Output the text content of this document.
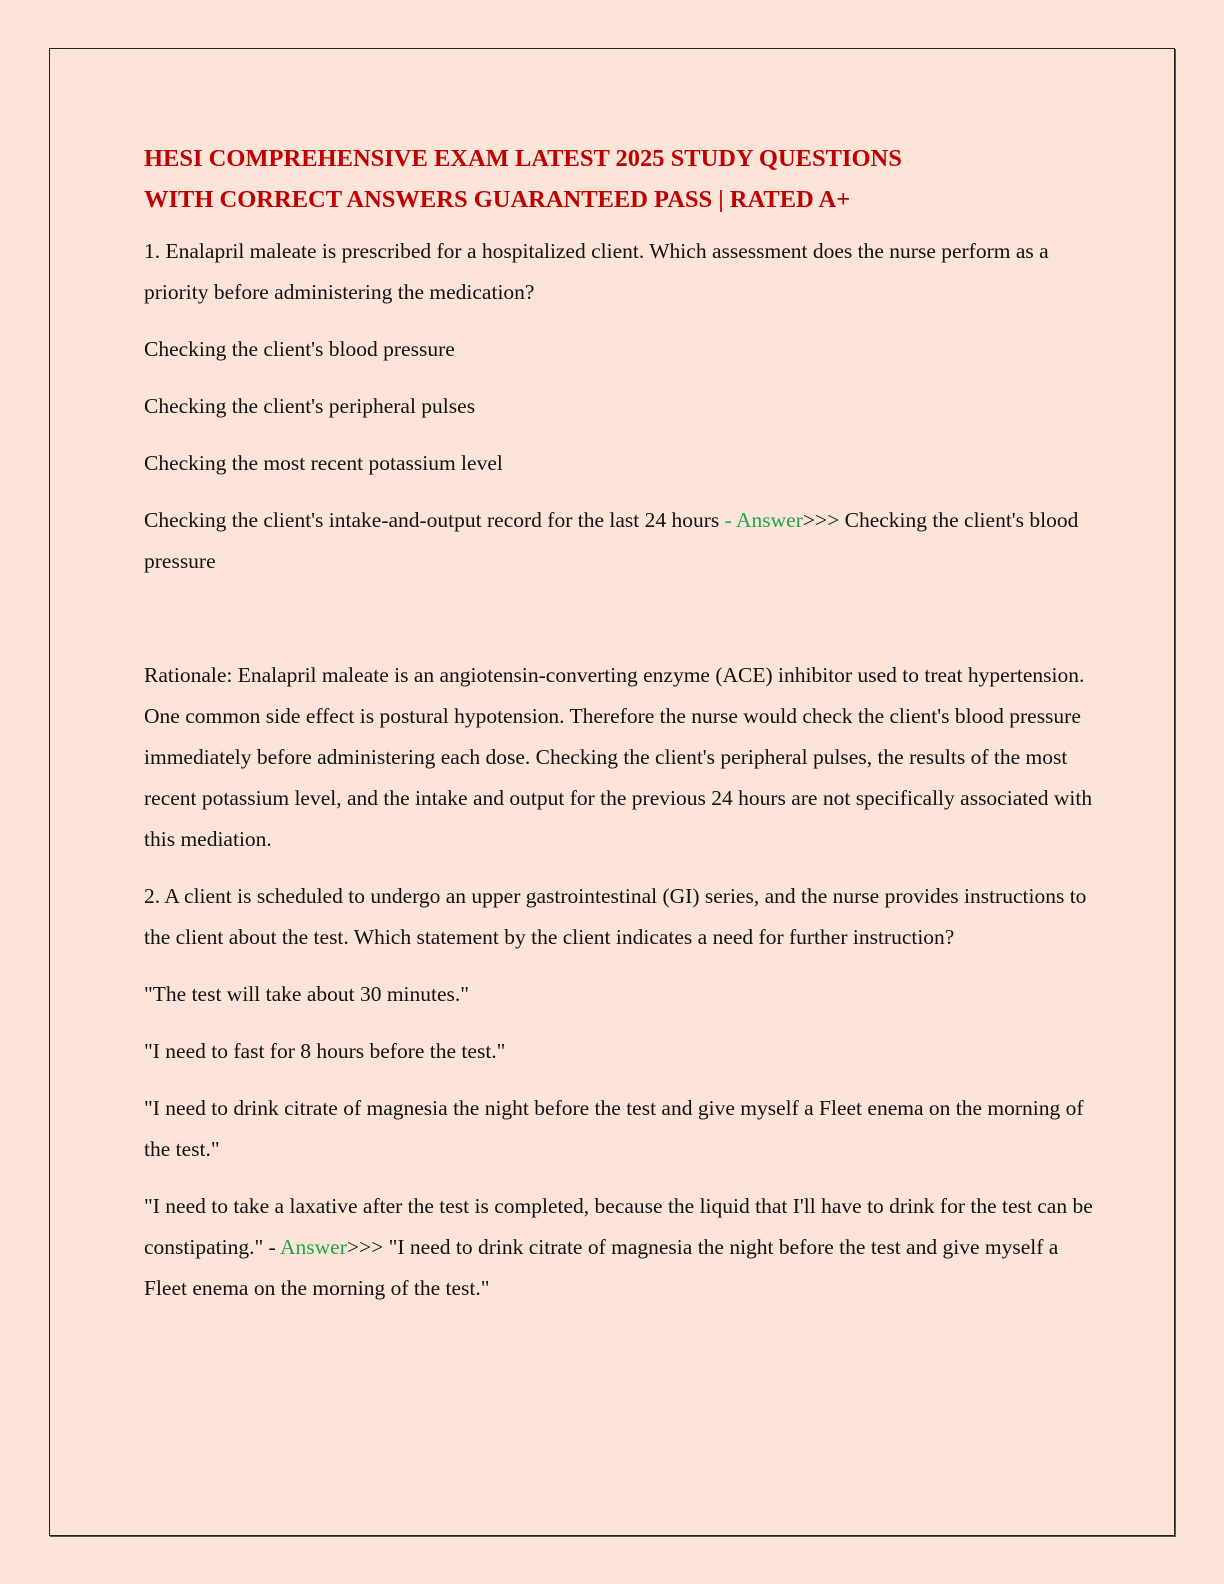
HESI COMPREHENSIVE EXAM LATEST 2025 STUDY QUESTIONS
WITH CORRECT ANSWERS GUARANTEED PASS | RATED A+

1. Enalapril maleate is prescribed for a hospitalized client. Which assessment does the nurse perform as a priority before administering the medication?

Checking the client's blood pressure

Checking the client's peripheral pulses

Checking the most recent potassium level

Checking the client's intake-and-output record for the last 24 hours - Answer>>> Checking the client's blood pressure

Rationale: Enalapril maleate is an angiotensin-converting enzyme (ACE) inhibitor used to treat hypertension. One common side effect is postural hypotension. Therefore the nurse would check the client's blood pressure immediately before administering each dose. Checking the client's peripheral pulses, the results of the most recent potassium level, and the intake and output for the previous 24 hours are not specifically associated with this mediation.

2. A client is scheduled to undergo an upper gastrointestinal (GI) series, and the nurse provides instructions to the client about the test. Which statement by the client indicates a need for further instruction?

"The test will take about 30 minutes."

"I need to fast for 8 hours before the test."

"I need to drink citrate of magnesia the night before the test and give myself a Fleet enema on the morning of the test."

"I need to take a laxative after the test is completed, because the liquid that I'll have to drink for the test can be constipating." - Answer>>> "I need to drink citrate of magnesia the night before the test and give myself a Fleet enema on the morning of the test."
